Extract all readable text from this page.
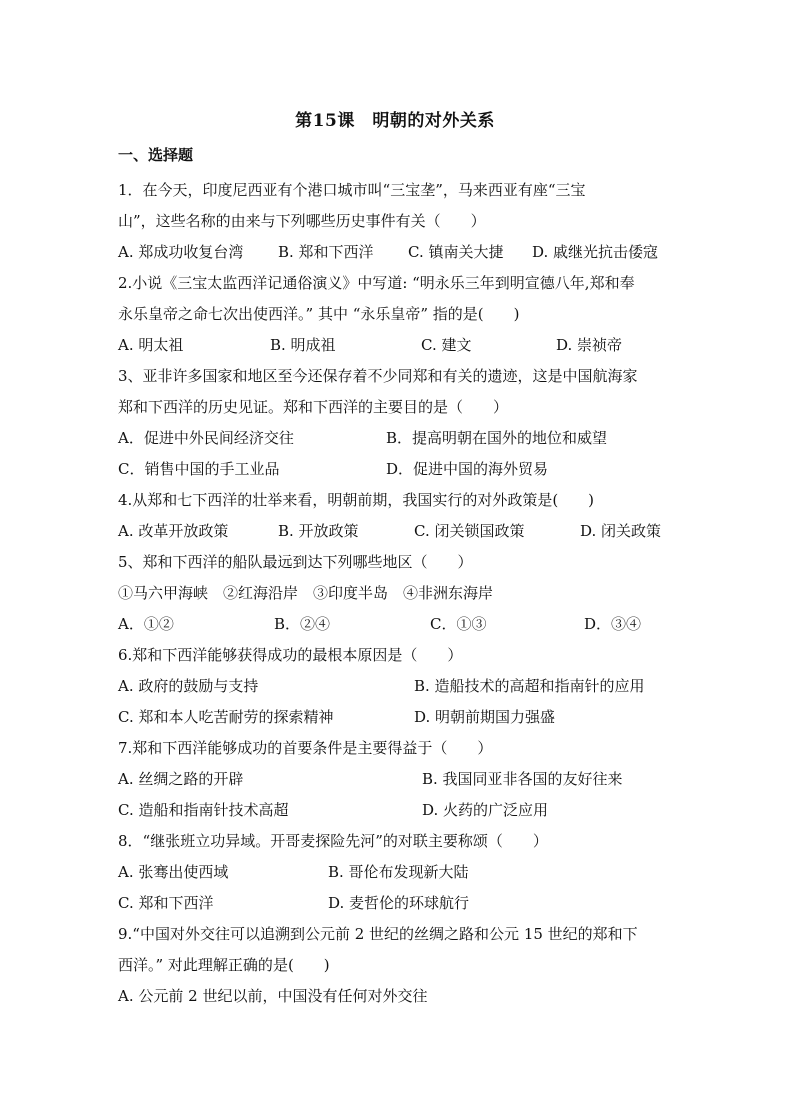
第15课　明朝的对外关系
一、选择题
1．在今天，印度尼西亚有个港口城市叫“三宝垄”，马来西亚有座“三宝
山”，这些名称的由来与下列哪些历史事件有关（　　）
A. 郑成功收复台湾 B. 郑和下西洋 C. 镇南关大捷 D. 戚继光抗击倭寇
2.小说《三宝太监西洋记通俗演义》中写道: “明永乐三年到明宣德八年,郑和奉
永乐皇帝之命七次出使西洋。” 其中 “永乐皇帝” 指的是(　　)
A. 明太祖	B. 明成祖	C. 建文	D. 崇祯帝
3、亚非许多国家和地区至今还保存着不少同郑和有关的遗迹，这是中国航海家
郑和下西洋的历史见证。郑和下西洋的主要目的是（　　）
A．促进中外民间经济交往	B．提高明朝在国外的地位和威望
C．销售中国的手工业品	D．促进中国的海外贸易
4.从郑和七下西洋的壮举来看，明朝前期，我国实行的对外政策是(　　)
A. 改革开放政策	B. 开放政策	C. 闭关锁国政策	D. 闭关政策
5、郑和下西洋的船队最远到达下列哪些地区（　　）
①马六甲海峡　②红海沿岸　③印度半岛　④非洲东海岸
A．①②	B．②④	C．①③	D．③④
6.郑和下西洋能够获得成功的最根本原因是（　　）
A. 政府的鼓励与支持	B. 造船技术的高超和指南针的应用
C. 郑和本人吃苦耐劳的探索精神	D. 明朝前期国力强盛
7.郑和下西洋能够成功的首要条件是主要得益于（　　）
A. 丝绸之路的开辟	B. 我国同亚非各国的友好往来
C. 造船和指南针技术高超	D. 火药的广泛应用
8．“继张班立功异域。开哥麦探险先河”的对联主要称颂（　　）
A. 张骞出使西域	B. 哥伦布发现新大陆
C. 郑和下西洋	D. 麦哲伦的环球航行
9.“中国对外交往可以追溯到公元前 2 世纪的丝绸之路和公元 15 世纪的郑和下
西洋。” 对此理解正确的是(　　)
A. 公元前 2 世纪以前，中国没有任何对外交往
